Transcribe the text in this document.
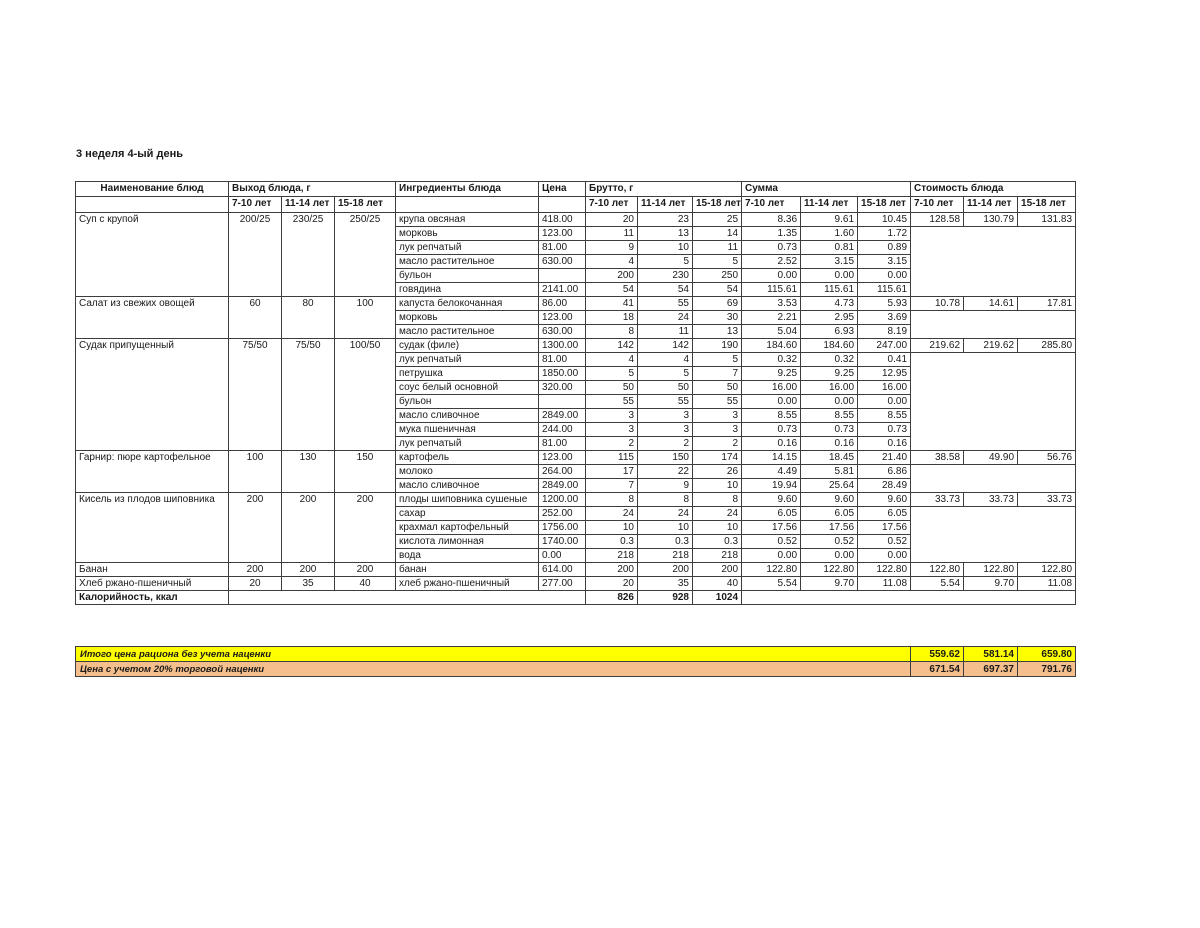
3 неделя 4-ый день
Наименование блюд	Выход блюда, г			Ингредиенты блюда	Цена	Брутто, г			Сумма			Стоимость блюда		
	7-10 лет	11-14 лет	15-18 лет			7-10 лет	11-14 лет	15-18 лет	7-10 лет	11-14 лет	15-18 лет	7-10 лет	11-14 лет	15-18 лет
Суп с крупой	200/25	230/25	250/25	крупа овсяная	418.00	20	23	25	8.36	9.61	10.45	128.58	130.79	131.83
				морковь	123.00	11	13	14	1.35	1.60	1.72			
				лук репчатый	81.00	9	10	11	0.73	0.81	0.89			
				масло растительное	630.00	4	5	5	2.52	3.15	3.15			
				бульон		200	230	250	0.00	0.00	0.00			
				говядина	2141.00	54	54	54	115.61	115.61	115.61			
Салат из свежих овощей	60	80	100	капуста белокочанная	86.00	41	55	69	3.53	4.73	5.93	10.78	14.61	17.81
				морковь	123.00	18	24	30	2.21	2.95	3.69			
				масло растительное	630.00	8	11	13	5.04	6.93	8.19			
Судак припущенный	75/50	75/50	100/50	судак (филе)	1300.00	142	142	190	184.60	184.60	247.00	219.62	219.62	285.80
				лук репчатый	81.00	4	4	5	0.32	0.32	0.41			
				петрушка	1850.00	5	5	7	9.25	9.25	12.95			
				соус белый основной	320.00	50	50	50	16.00	16.00	16.00			
				бульон		55	55	55	0.00	0.00	0.00			
				масло сливочное	2849.00	3	3	3	8.55	8.55	8.55			
				мука пшеничная	244.00	3	3	3	0.73	0.73	0.73			
				лук репчатый	81.00	2	2	2	0.16	0.16	0.16			
Гарнир: пюре картофельное	100	130	150	картофель	123.00	115	150	174	14.15	18.45	21.40	38.58	49.90	56.76
				молоко	264.00	17	22	26	4.49	5.81	6.86			
				масло сливочное	2849.00	7	9	10	19.94	25.64	28.49			
Кисель из плодов шиповника	200	200	200	плоды шиповника сушеные	1200.00	8	8	8	9.60	9.60	9.60	33.73	33.73	33.73
				сахар	252.00	24	24	24	6.05	6.05	6.05			
				крахмал картофельный	1756.00	10	10	10	17.56	17.56	17.56			
				кислота лимонная	1740.00	0.3	0.3	0.3	0.52	0.52	0.52			
				вода	0.00	218	218	218	0.00	0.00	0.00			
Банан	200	200	200	банан	614.00	200	200	200	122.80	122.80	122.80	122.80	122.80	122.80
Хлеб ржано-пшеничный	20	35	40	хлеб ржано-пшеничный	277.00	20	35	40	5.54	9.70	11.08	5.54	9.70	11.08
Калорийность, ккал						826	928	1024						
Итого цена рациона без учета наценки	559.62	581.14	659.80
Цена с учетом 20% торговой наценки	671.54	697.37	791.76
